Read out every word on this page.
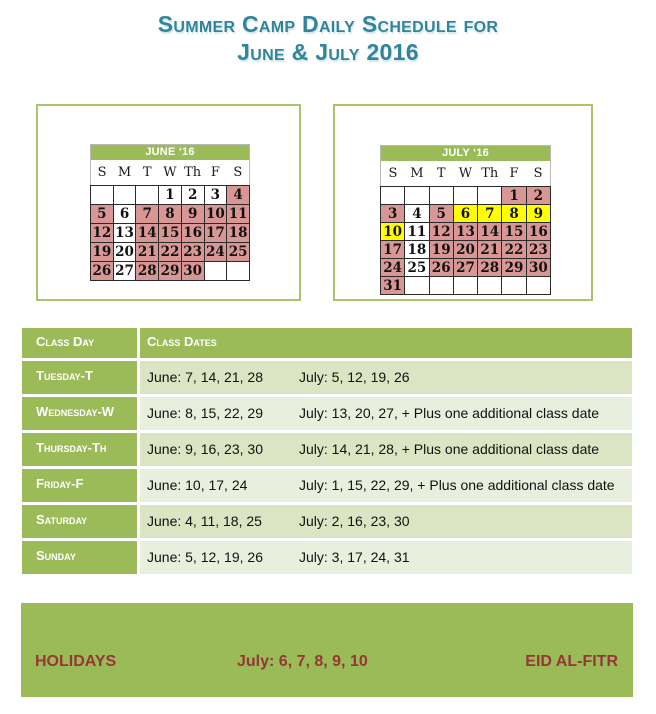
Summer Camp Daily Schedule for
June & July 2016
JUNE ‘16						
S	M	T	W	Th	F	S
			1	2	3	4
5	6	7	8	9	10	11
12	13	14	15	16	17	18
19	20	21	22	23	24	25
26	27	28	29	30		
JULY ‘16						
S	M	T	W	Th	F	S
					1	2
3	4	5	6	7	8	9
10	11	12	13	14	15	16
17	18	19	20	21	22	23
24	25	26	27	28	29	30
31						
Class Day	Class Dates
Tuesday-T	June: 7, 14, 21, 28	July: 5, 12, 19, 26
Wednesday-W	June: 8, 15, 22, 29	July: 13, 20, 27, + Plus one additional class date
Thursday-Th	June: 9, 16, 23, 30	July: 14, 21, 28, + Plus one additional class date
Friday-F	June: 10, 17, 24	July: 1, 15, 22, 29, + Plus one additional class date
Saturday	June: 4, 11, 18, 25	July: 2, 16, 23, 30
Sunday	June: 5, 12, 19, 26	July: 3, 17, 24, 31
HOLIDAYS	July: 6, 7, 8, 9, 10	EID AL-FITR
